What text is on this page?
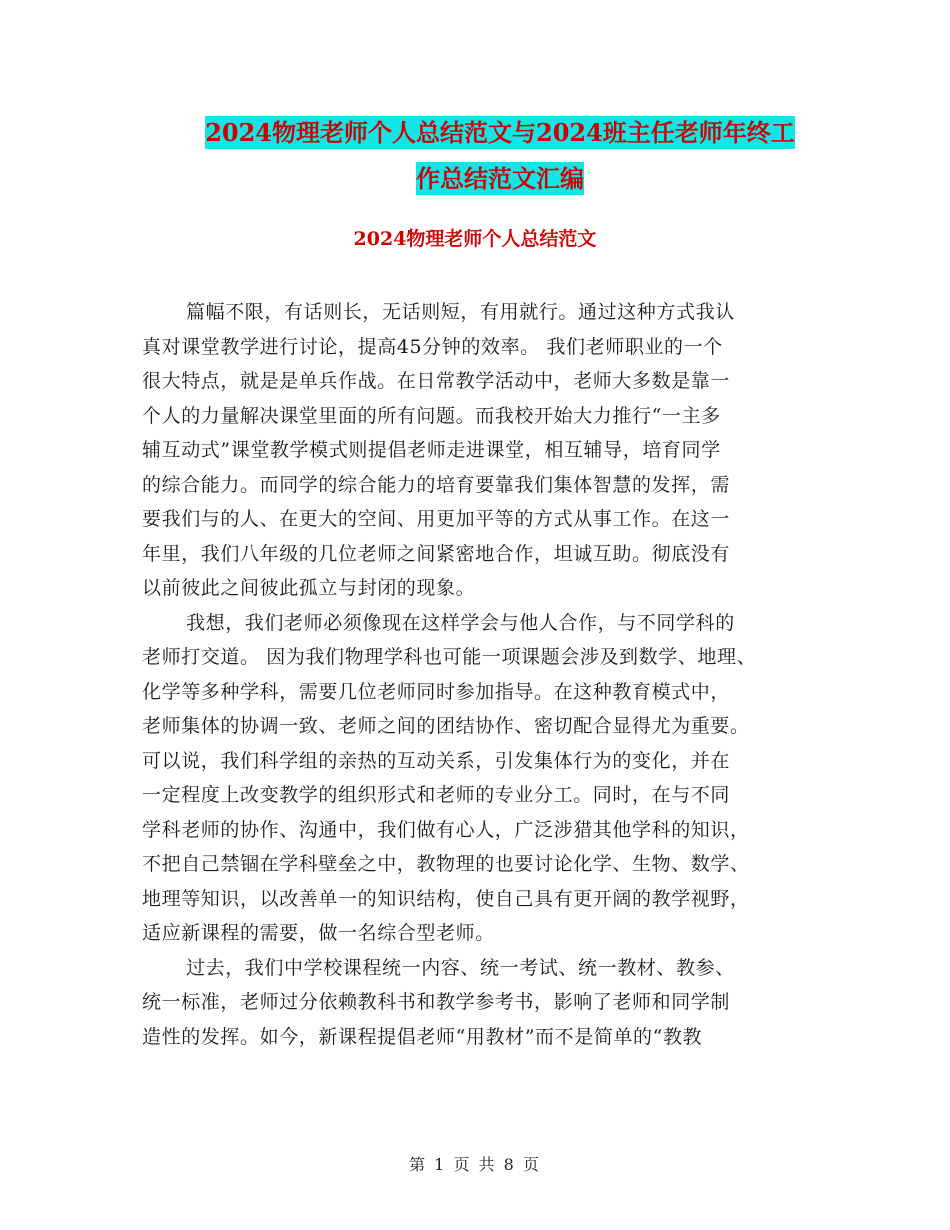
2024物理老师个人总结范文与2024班主任老师年终工
作总结范文汇编
2024物理老师个人总结范文
篇幅不限，有话则长，无话则短，有用就行。通过这种方式我认
真对课堂教学进行讨论，提高45分钟的效率。 我们老师职业的一个
很大特点，就是是单兵作战。在日常教学活动中，老师大多数是靠一
个人的力量解决课堂里面的所有问题。而我校开始大力推行“一主多
辅互动式”课堂教学模式则提倡老师走进课堂，相互辅导，培育同学
的综合能力。而同学的综合能力的培育要靠我们集体智慧的发挥，需
要我们与的人、在更大的空间、用更加平等的方式从事工作。在这一
年里，我们八年级的几位老师之间紧密地合作，坦诚互助。彻底没有
以前彼此之间彼此孤立与封闭的现象。
我想，我们老师必须像现在这样学会与他人合作，与不同学科的
老师打交道。 因为我们物理学科也可能一项课题会涉及到数学、地理、
化学等多种学科，需要几位老师同时参加指导。在这种教育模式中，
老师集体的协调一致、老师之间的团结协作、密切配合显得尤为重要。
可以说，我们科学组的亲热的互动关系，引发集体行为的变化，并在
一定程度上改变教学的组织形式和老师的专业分工。同时，在与不同
学科老师的协作、沟通中，我们做有心人，广泛涉猎其他学科的知识，
不把自己禁锢在学科壁垒之中，教物理的也要讨论化学、生物、数学、
地理等知识，以改善单一的知识结构，使自己具有更开阔的教学视野，
适应新课程的需要，做一名综合型老师。
过去，我们中学校课程统一内容、统一考试、统一教材、教参、
统一标准，老师过分依赖教科书和教学参考书，影响了老师和同学制
造性的发挥。如今，新课程提倡老师“用教材”而不是简单的“教教
第 1 页 共 8 页
